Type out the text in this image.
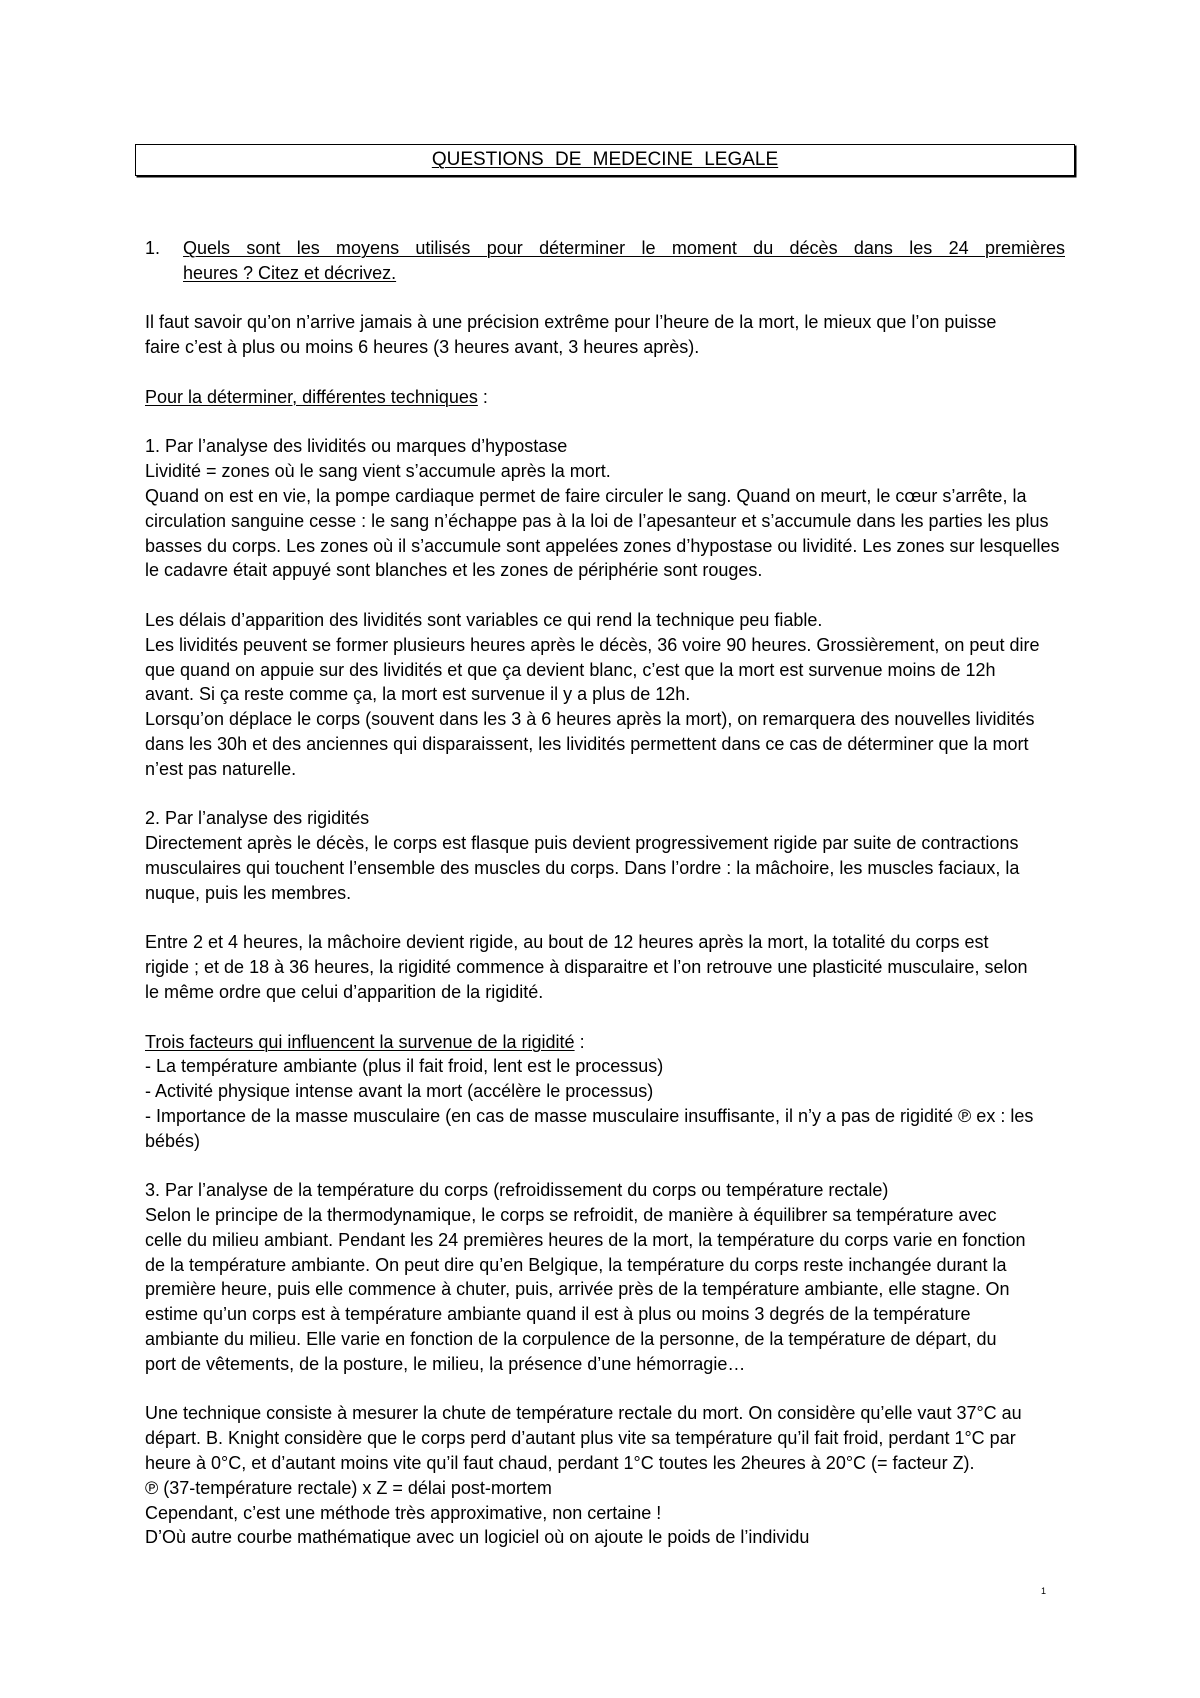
QUESTIONS DE MEDECINE LEGALE
1.	Quels sont les moyens utilisés pour déterminer le moment du décès dans les 24 premières
heures ? Citez et décrivez.
Il faut savoir qu’on n’arrive jamais à une précision extrême pour l’heure de la mort, le mieux que l’on puisse
faire c’est à plus ou moins 6 heures (3 heures avant, 3 heures après).
Pour la déterminer, différentes techniques :
1. Par l’analyse des lividités ou marques d’hypostase
Lividité = zones où le sang vient s’accumule après la mort.
Quand on est en vie, la pompe cardiaque permet de faire circuler le sang. Quand on meurt, le cœur s’arrête, la
circulation sanguine cesse : le sang n’échappe pas à la loi de l’apesanteur et s’accumule dans les parties les plus
basses du corps. Les zones où il s’accumule sont appelées zones d’hypostase ou lividité. Les zones sur lesquelles
le cadavre était appuyé sont blanches et les zones de périphérie sont rouges.
Les délais d’apparition des lividités sont variables ce qui rend la technique peu fiable.
Les lividités peuvent se former plusieurs heures après le décès, 36 voire 90 heures. Grossièrement, on peut dire
que quand on appuie sur des lividités et que ça devient blanc, c’est que la mort est survenue moins de 12h
avant. Si ça reste comme ça, la mort est survenue il y a plus de 12h.
Lorsqu’on déplace le corps (souvent dans les 3 à 6 heures après la mort), on remarquera des nouvelles lividités
dans les 30h et des anciennes qui disparaissent, les lividités permettent dans ce cas de déterminer que la mort
n’est pas naturelle.
2. Par l’analyse des rigidités
Directement après le décès, le corps est flasque puis devient progressivement rigide par suite de contractions
musculaires qui touchent l’ensemble des muscles du corps. Dans l’ordre : la mâchoire, les muscles faciaux, la
nuque, puis les membres.
Entre 2 et 4 heures, la mâchoire devient rigide, au bout de 12 heures après la mort, la totalité du corps est
rigide ; et de 18 à 36 heures, la rigidité commence à disparaitre et l’on retrouve une plasticité musculaire, selon
le même ordre que celui d’apparition de la rigidité.
Trois facteurs qui influencent la survenue de la rigidité :
- La température ambiante (plus il fait froid, lent est le processus)
- Activité physique intense avant la mort (accélère le processus)
- Importance de la masse musculaire (en cas de masse musculaire insuffisante, il n’y a pas de rigidité ℗ ex : les
bébés)
3. Par l’analyse de la température du corps (refroidissement du corps ou température rectale)
Selon le principe de la thermodynamique, le corps se refroidit, de manière à équilibrer sa température avec
celle du milieu ambiant. Pendant les 24 premières heures de la mort, la température du corps varie en fonction
de la température ambiante. On peut dire qu’en Belgique, la température du corps reste inchangée durant la
première heure, puis elle commence à chuter, puis, arrivée près de la température ambiante, elle stagne. On
estime qu’un corps est à température ambiante quand il est à plus ou moins 3 degrés de la température
ambiante du milieu. Elle varie en fonction de la corpulence de la personne, de la température de départ, du
port de vêtements, de la posture, le milieu, la présence d’une hémorragie…
Une technique consiste à mesurer la chute de température rectale du mort. On considère qu’elle vaut 37°C au
départ. B. Knight considère que le corps perd d’autant plus vite sa température qu’il fait froid, perdant 1°C par
heure à 0°C, et d’autant moins vite qu’il faut chaud, perdant 1°C toutes les 2heures à 20°C (= facteur Z).
℗ (37-température rectale) x Z = délai post-mortem
Cependant, c’est une méthode très approximative, non certaine !
D’Où autre courbe mathématique avec un logiciel où on ajoute le poids de l’individu
1
